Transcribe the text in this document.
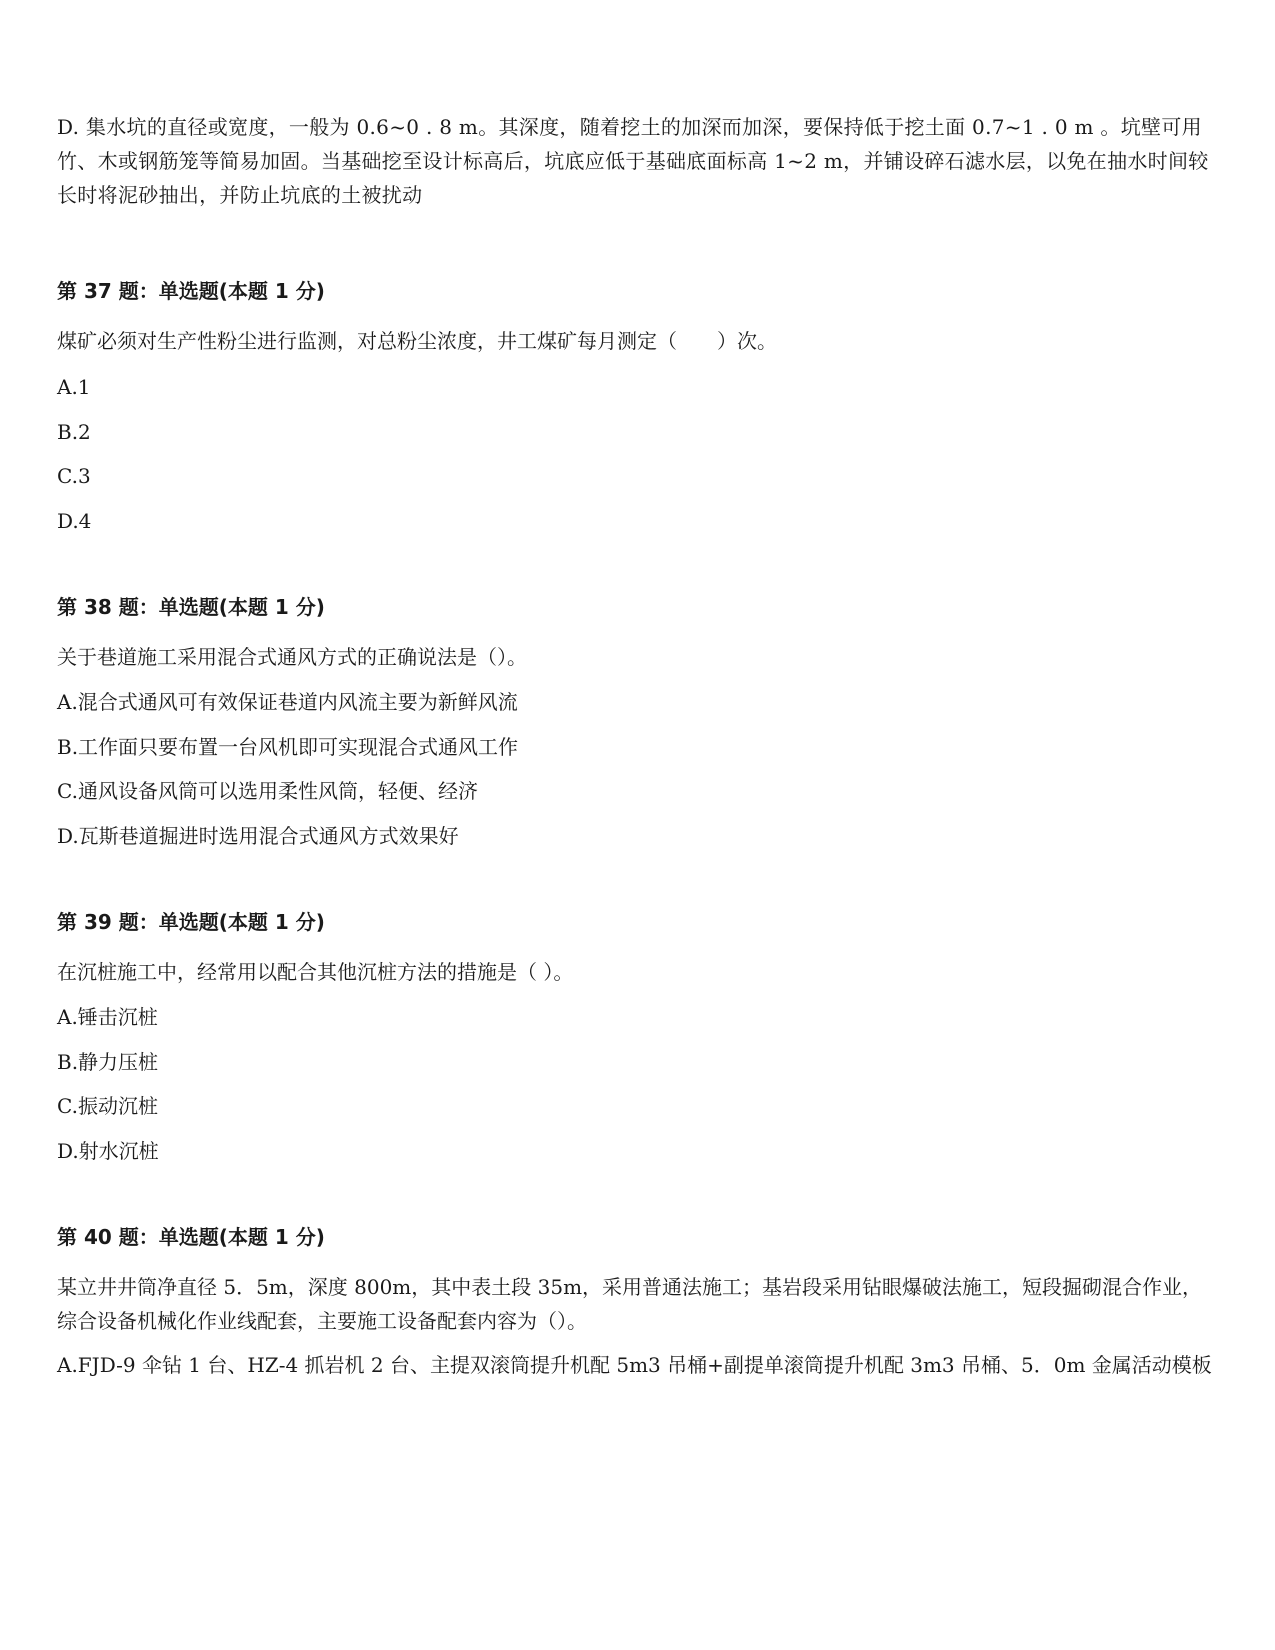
D. 集水坑的直径或宽度，一般为 0.6~0 . 8 m。其深度，随着挖土的加深而加深，要保持低于挖土面 0.7~1 . 0 m 。坑壁可用竹、木或钢筋笼等简易加固。当基础挖至设计标高后，坑底应低于基础底面标高 1~2 m，并铺设碎石滤水层，以免在抽水时间较长时将泥砂抽出，并防止坑底的土被扰动

第 37 题：单选题(本题 1 分)
煤矿必须对生产性粉尘进行监测，对总粉尘浓度，井工煤矿每月测定（　　）次。
A.1
B.2
C.3
D.4
第 38 题：单选题(本题 1 分)
关于巷道施工采用混合式通风方式的正确说法是（）。
A.混合式通风可有效保证巷道内风流主要为新鲜风流
B.工作面只要布置一台风机即可实现混合式通风工作
C.通风设备风筒可以选用柔性风筒，轻便、经济
D.瓦斯巷道掘进时选用混合式通风方式效果好
第 39 题：单选题(本题 1 分)
在沉桩施工中，经常用以配合其他沉桩方法的措施是（ ）。
A.锤击沉桩
B.静力压桩
C.振动沉桩
D.射水沉桩
第 40 题：单选题(本题 1 分)
某立井井筒净直径 5．5m，深度 800m，其中表土段 35m，采用普通法施工；基岩段采用钻眼爆破法施工，短段掘砌混合作业，综合设备机械化作业线配套，主要施工设备配套内容为（）。
A.FJD-9 伞钻 1 台、HZ-4 抓岩机 2 台、主提双滚筒提升机配 5m3 吊桶+副提单滚筒提升机配 3m3 吊桶、5．0m 金属活动模板
